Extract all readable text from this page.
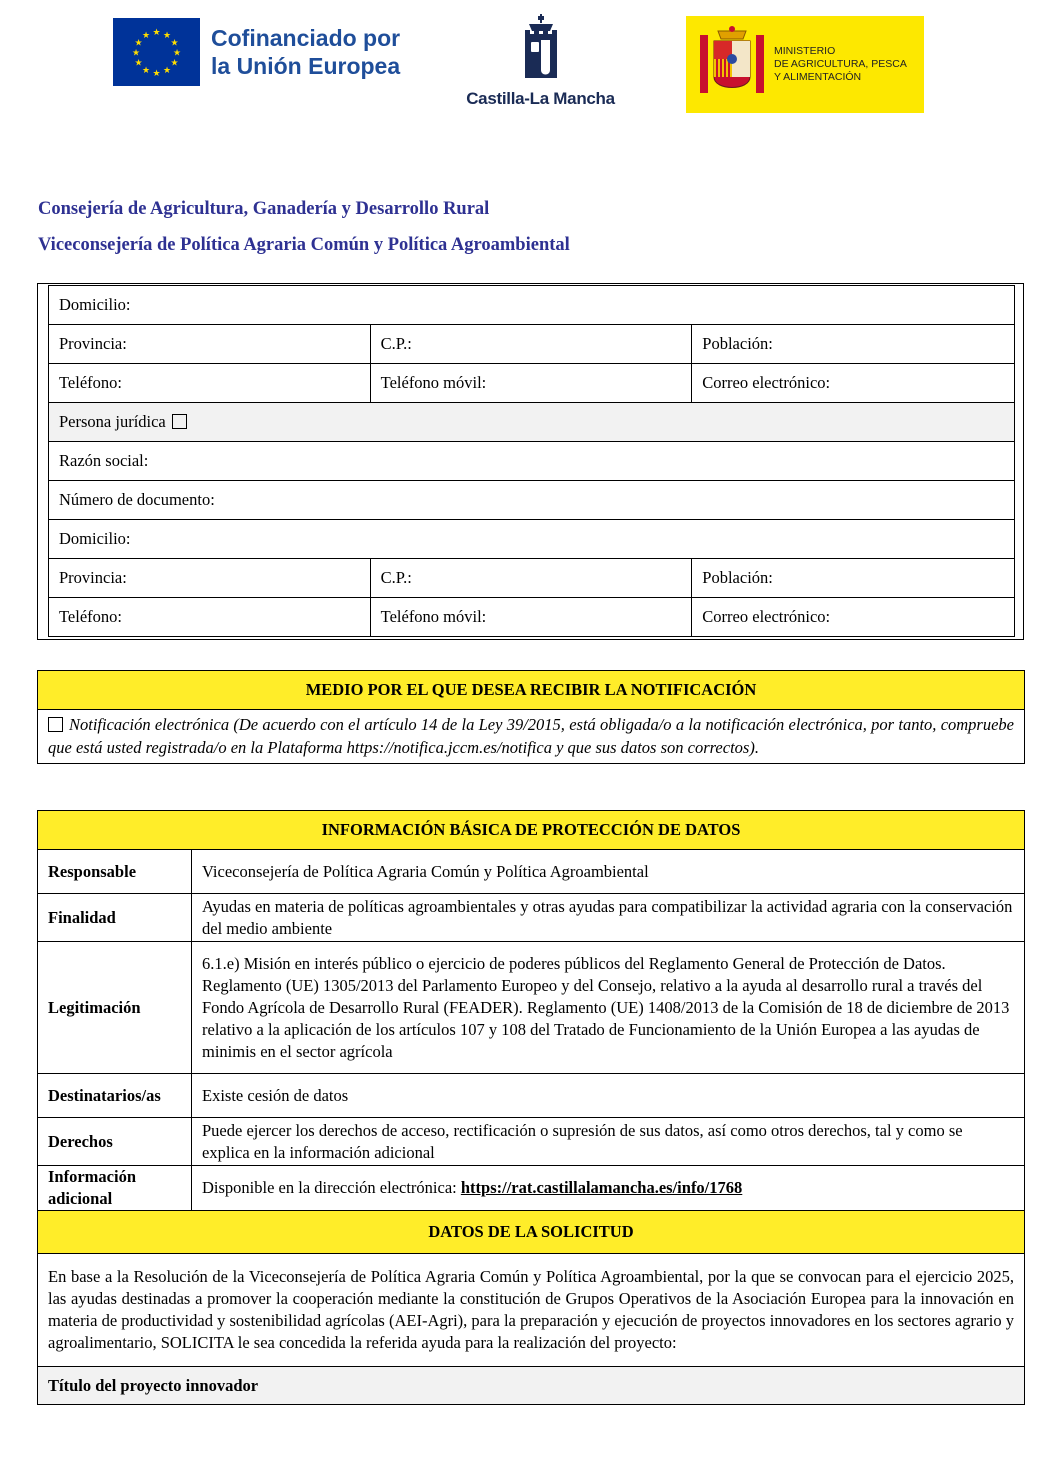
★ ★
★
★
★
★
★
★
★
★
★
★	Cofinanciado por
la Unión Europea
Castilla-La Mancha
MINISTERIO
DE AGRICULTURA, PESCA
Y ALIMENTACIÓN
Consejería de Agricultura, Ganadería y Desarrollo Rural
Viceconsejería de Política Agraria Común y Política Agroambiental
Domicilio:		
Provincia:	C.P.:	Población:
Teléfono:	Teléfono móvil:	Correo electrónico:
Persona jurídica		
Razón social:		
Número de documento:		
Domicilio:		
Provincia:	C.P.:	Población:
Teléfono:	Teléfono móvil:	Correo electrónico:
MEDIO POR EL QUE DESEA RECIBIR LA NOTIFICACIÓN
Notificación electrónica (De acuerdo con el artículo 14 de la Ley 39/2015, está obligada/o a la notificación electrónica, por tanto, compruebe que está usted registrada/o en la Plataforma https://notifica.jccm.es/notifica y que sus datos son correctos).
INFORMACIÓN BÁSICA DE PROTECCIÓN DE DATOS	
Responsable	Viceconsejería de Política Agraria Común y Política Agroambiental
Finalidad	Ayudas en materia de políticas agroambientales y otras ayudas para compatibilizar la actividad agraria con la conservación del medio ambiente
Legitimación	6.1.e) Misión en interés público o ejercicio de poderes públicos del Reglamento General de Protección de Datos.
Reglamento (UE) 1305/2013 del Parlamento Europeo y del Consejo, relativo a la ayuda al desarrollo rural a través del Fondo Agrícola de Desarrollo Rural (FEADER). Reglamento (UE) 1408/2013 de la Comisión de 18 de diciembre de 2013 relativo a la aplicación de los artículos 107 y 108 del Tratado de Funcionamiento de la Unión Europea a las ayudas de minimis en el sector agrícola

Destinatarios/as	Existe cesión de datos
Derechos	Puede ejercer los derechos de acceso, rectificación o supresión de sus datos, así como otros derechos, tal y como se explica en la información adicional
Información adicional	Disponible en la dirección electrónica: https://rat.castillalamancha.es/info/1768
DATOS DE LA SOLICITUD	
En base a la Resolución de la Viceconsejería de Política Agraria Común y Política Agroambiental, por la que se convocan para el ejercicio 2025, las ayudas destinadas a promover la cooperación mediante la constitución de Grupos Operativos de la Asociación Europea para la innovación en materia de productividad y sostenibilidad agrícolas (AEI-Agri), para la preparación y ejecución de proyectos innovadores en los sectores agrario y agroalimentario, SOLICITA le sea concedida la referida ayuda para la realización del proyecto:	
Título del proyecto innovador	
